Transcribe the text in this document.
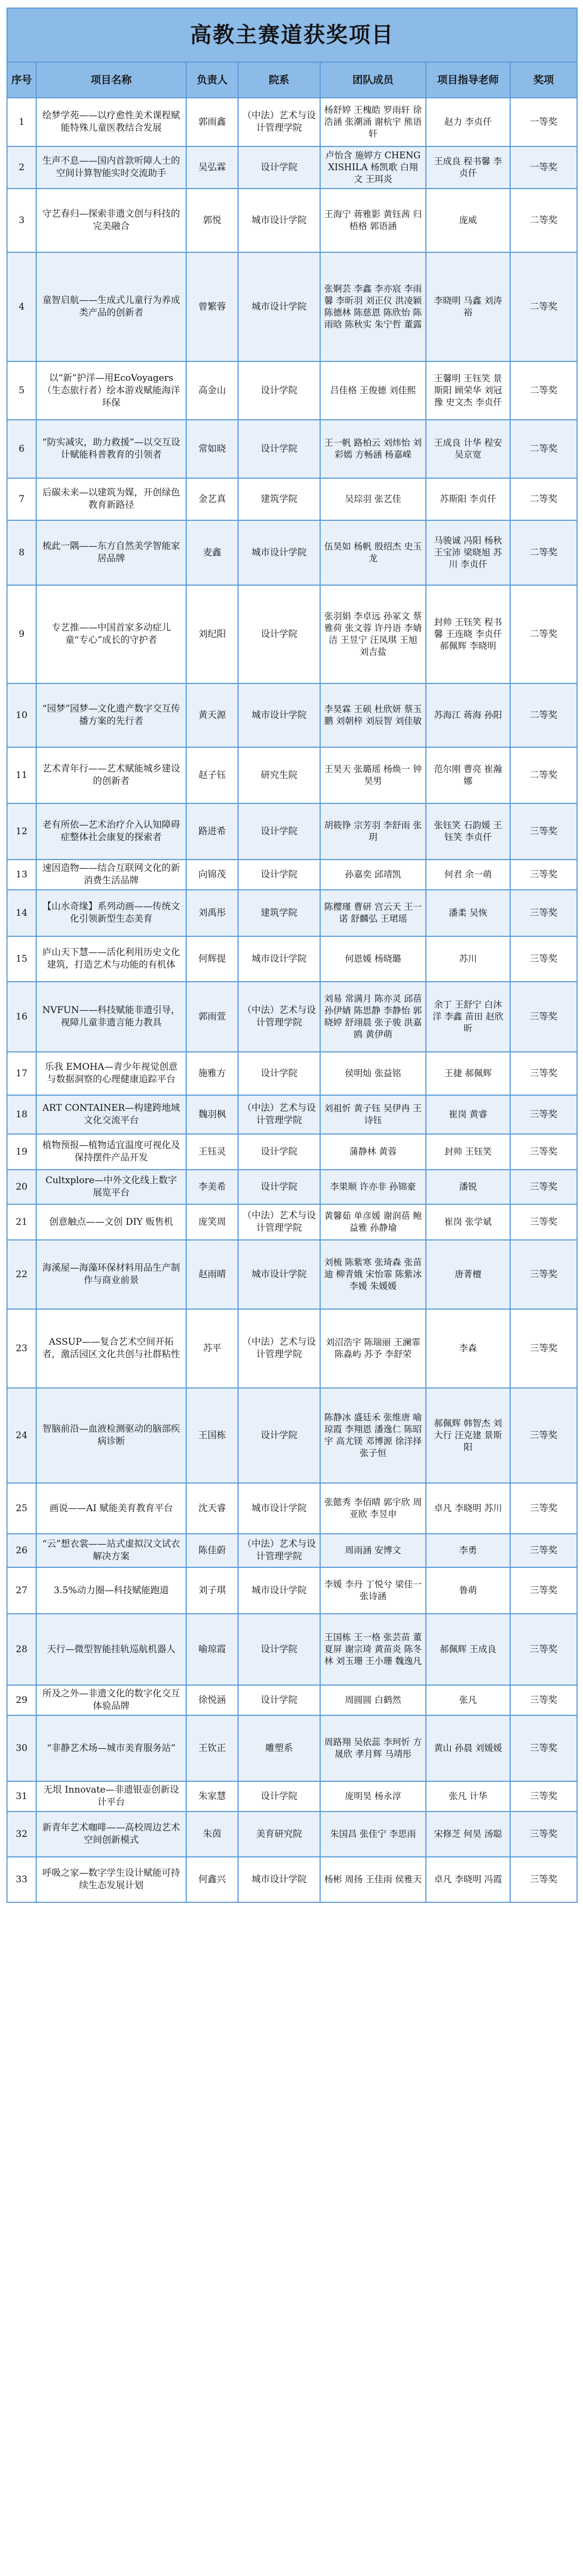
高教主赛道获奖项目						
序号	项目名称	负责人	院系	团队成员	项目指导老师	奖项
1	绘梦学苑——以疗愈性美术课程赋能特殊儿童医教结合发展	郭雨鑫	（中法）艺术与设计管理学院	杨舒婷 王槐皓 罗雨轩 徐浩涵 张潮涌 谢杭宇 熊语轩	赵力 李贞仟	一等奖
2	生声不息——国内首款听障人士的空间计算智能实时交流助手	吴弘霖	设计学院	卢怡含 施婷方 CHENGXISHILA 杨凯歌 白翔文 王珥炎	王成良 程书馨 李贞仟	一等奖
3	守艺春归—探索非遗文创与科技的完美融合	郭悦	城市设计学院	王海宁 蒋雅影 黄钰茜 归梧格 郭语涵	庞威	二等奖
4	童智启航——生成式儿童行为养成类产品的创新者	曾繁蓉	城市设计学院	张婀芸 李鑫 李亦宸 李雨馨 李昕羽 刘正仪 洪凌颖 陈德林 陈慈恩 陈欣怡 陈雨晗 陈秋实 朱宁哲 董露	李晓明 马鑫 刘涛裕	二等奖
5	以“新”护洋—用EcoVoyagers（生态旅行者）绘本游戏赋能海洋环保	高金山	设计学院	吕佳格 王俊德 刘佳熙	王馨明 王钰笑 景斯阳 顾荣华 刘冠豫 史文杰 李贞仟	二等奖
6	“防实减灾，助力救援”—以交互设计赋能科普教育的引领者	常如晓	设计学院	王一帆 路柏云 刘炜怡 刘彩嫣 方畅涵 杨嘉嵘	王成良 计华 程安 吴京宽	二等奖
7	后碳未来—以建筑为媒，开创绿色教育新路径	金艺真	建筑学院	吴琮羽 张艺佳	苏斯阳 李贞仟	二等奖
8	梳此一隅——东方自然美学智能家居品牌	麦鑫	城市设计学院	伍昊如 杨帆 殷绍杰 史玉龙	马骏诚 冯阳 杨秋 王宝沛 梁晓旭 苏川 李贞仟	二等奖
9	专艺推——中国首家多动症儿童“专心”成长的守护者	刘纪阳	设计学院	张羽娟 李卓远 孙冢文 蔡雅荷 张文蓉 许丹语 李婧洁 王昱宁 汪凤琪 王旭 刘吉盐	封帅 王钰笑 程书馨 王连晓 李贞仟 郝佩辉 李晓明	二等奖
10	“园梦”园梦—文化遗产数字交互传播方案的先行者	黄天源	城市设计学院	李昊霖 王硕 杜欣妍 蔡玉鹏 刘朝梓 刘辰智 刘佳敏	苏海江 蒋海 孙阳	二等奖
11	艺术青年行——艺术赋能城乡建设的创新者	赵子钰	研究生院	王昊天 张璐瑶 杨焕一 钟昊男	范尔刚 曹亮 崔瀚娜	二等奖
12	老有所依—艺术治疗介入认知障碍症整体社会康复的探索者	路进希	设计学院	胡筱铮 宗芳羽 李舒雨 张玥	张钰笑 石韵媛 王钰笑 李贞仟	三等奖
13	速因造物——结合互联网文化的新消费生活品牌	向锦茂	设计学院	孙嘉奕 邱靖凯	何君 余一萌	三等奖
14	【山水奇缘】系列动画——传统文化引领新型生态美育	刘禹彤	建筑学院	陈樱瑾 曹研 宫云天 王一诺 舒麟弘 王珺瑶	潘柔 吴恢	三等奖
15	庐山天下慧——活化利用历史文化建筑，打造艺术与功能的有机体	何辉提	城市设计学院	何恩媛 杨晓璐	苏川	三等奖
16	NVFUN——科技赋能非遗引导，视障儿童非遗言能力教具	郭雨萱	（中法）艺术与设计管理学院	刘易 常满月 陈亦灵 邱蓓 孙伊婧 陈思静 李静怡 郭晓婷 舒翊晨 张子骏 洪嘉鸥 黄伊萌	余丁 王舒宁 白沐洋 李鑫 苗田 赵欣昕	三等奖
17	乐我 EMOHA—青少年视觉创意与数据洞察的心理健康追踪平台	施雅方	设计学院	侯明灿 张益铭	王捷 郝佩辉	三等奖
18	ART CONTAINER—构建跨地域文化交流平台	魏羽枫	（中法）艺术与设计管理学院	刘祖忻 黄子钰 吴伊冉 王诗钰	崔岗 黄睿	三等奖
19	植物预报—植物适宜温度可视化及保持摆件产品开发	王钰灵	设计学院	蒲静林 黄蓉	封帅 王钰笑	三等奖
20	Cultxplore—中外文化线上数字展览平台	李美希	设计学院	李果顺 许亦非 孙锦豪	潘锐	三等奖
21	创意触点——文创 DIY 贩售机	庞笑周	（中法）艺术与设计管理学院	黄馨茹 单彦媛 谢润蓓 鲍益雅 孙静瑜	崔岗 张学斌	三等奖
22	海溪屋—海藻环保材料用品生产制作与商业前景	赵雨晴	城市设计学院	刘梳 陈紫寒 张琦森 张苗迪 柳青娥 宋怡霏 陈紫冰 李媛 朱媛媛	唐菁檀	三等奖
23	ASSUP——复合艺术空间开拓者，激活园区文化共创与社群粘性	苏平	（中法）艺术与设计管理学院	刘沼浩宇 陈瑞丽 王澜霏 陈淼屿 苏予 李舒荣	李森	三等奖
24	智脑前沿—血液检测驱动的脑部疾病诊断	王国栋	设计学院	陈静冰 盛廷禾 张维唐 喻琼霞 李翔恩 潘逸仁 陈昭宇 高尤镁 邓博源 徐洋择 张子恒	郝佩辉 韩智杰 刘大行 汪克建 景斯阳	三等奖
25	画说——AI 赋能美育教育平台	沈天睿	城市设计学院	张懿秀 李佰晴 郭宇欣 周亚欧 李昱申	卓凡 李晓明 苏川	三等奖
26	“云”想衣裳——站式虚拟汉文试衣解决方案	陈佳蔚	（中法）艺术与设计管理学院	周雨涵 安博文	李勇	三等奖
27	3.5%动力圈—科技赋能跑道	刘子琪	城市设计学院	李媛 李丹 丁悦兮 梁佳一 张诗涵	鲁萌	三等奖
28	天行—微型智能挂轨巡航机器人	喻琼霞	设计学院	王国栋 王一格 张芸苗 董夏屏 谢宗琦 黄苗炎 陈冬林 刘玉珊 王小珊 魏逸凡	郝佩辉 王成良	三等奖
29	所及之外—非遗文化的数字化交互体验品牌	徐悦涵	设计学院	周圆圆 白鹤然	张凡	三等奖
30	“非静艺术场—城市美育服务站”	王钦正	雕塑系	周路翔 吴依蕊 李珂忻 方晟欣 孝月辉 马靖彤	黄山 孙晨 刘媛媛	三等奖
31	无垠 Innovate—非遗银壶创新设计平台	朱家慧	设计学院	庞明昊 杨永淳	张凡 计华	三等奖
32	新青年艺术咖啡——高校周边艺术空间创新模式	朱茵	美育研究院	朱国昌 张佳宁 李思雨	宋修芝 何昊 汤聪	三等奖
33	呼吸之家—数字学生设计赋能可持续生态发展计划	何鑫兴	城市设计学院	杨彬 周扬 王佳雨 侯雅天	卓凡 李晓明 冯霞	三等奖
